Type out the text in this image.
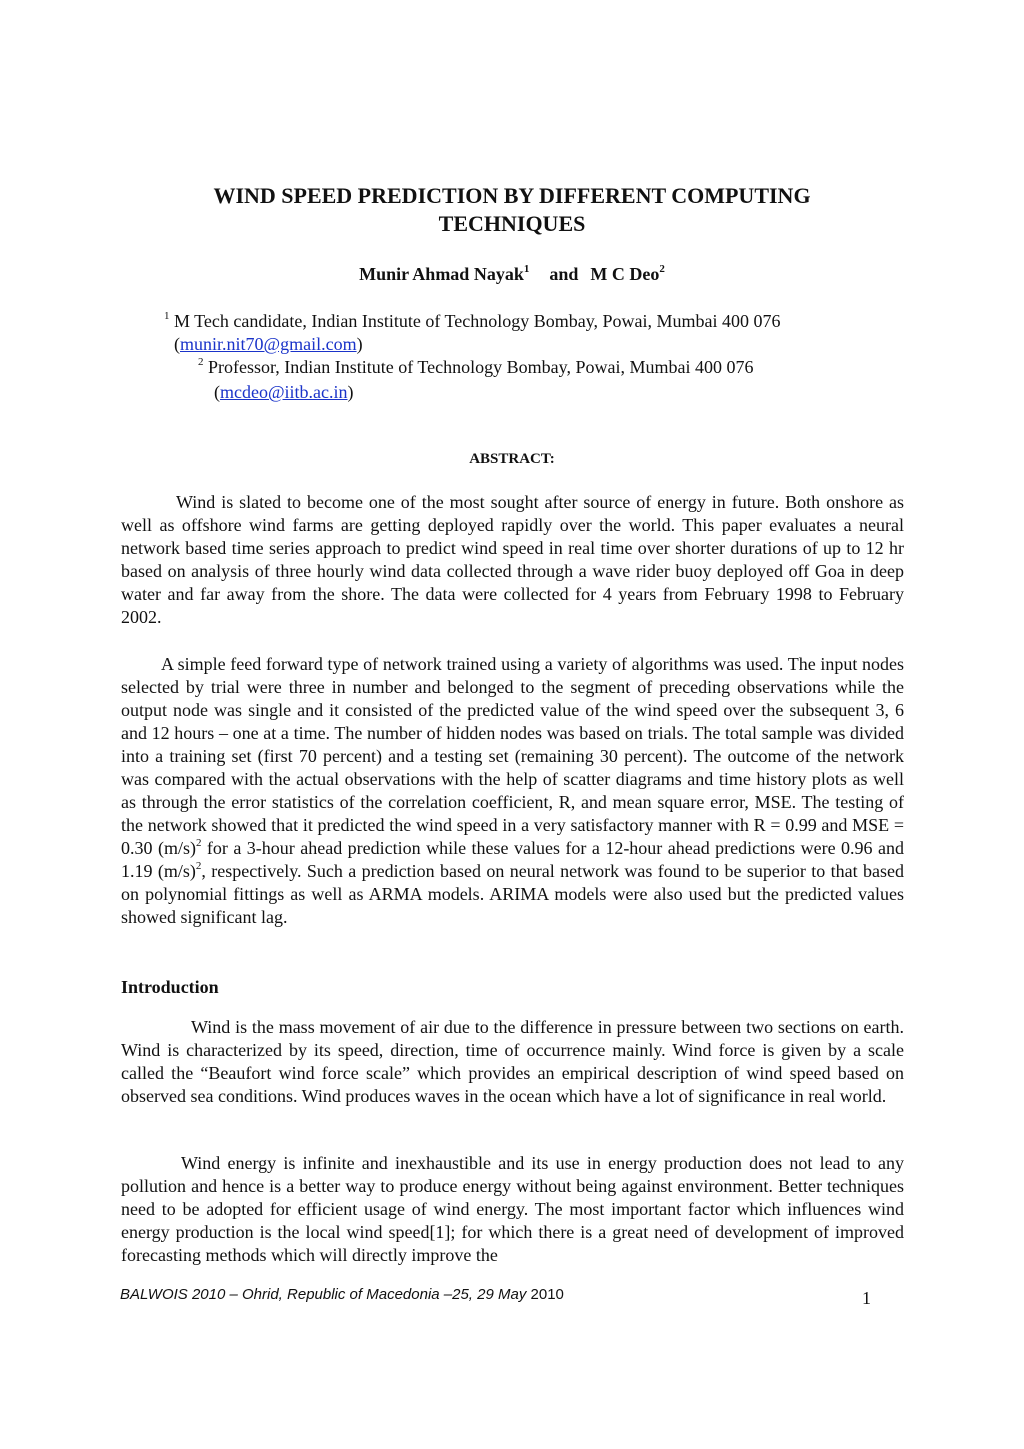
WIND SPEED PREDICTION BY DIFFERENT COMPUTING
TECHNIQUES
Munir Ahmad Nayak$^1$ and M C Deo$^2$
$^1$ M Tech candidate, Indian Institute of Technology Bombay, Powai, Mumbai 400 076
(munir.nit70@gmail.com)
$^2$ Professor, Indian Institute of Technology Bombay, Powai, Mumbai 400 076
(mcdeo@iitb.ac.in)
ABSTRACT:
Wind is slated to become one of the most sought after source of energy in future. Both onshore as well as offshore wind farms are getting deployed rapidly over the world. This paper evaluates a neural network based time series approach to predict wind speed in real time over shorter durations of up to 12 hr based on analysis of three hourly wind data collected through a wave rider buoy deployed off Goa in deep water and far away from the shore. The data were collected for 4 years from February 1998 to February 2002.
A simple feed forward type of network trained using a variety of algorithms was used. The input nodes selected by trial were three in number and belonged to the segment of preceding observations while the output node was single and it consisted of the predicted value of the wind speed over the subsequent 3, 6 and 12 hours – one at a time. The number of hidden nodes was based on trials. The total sample was divided into a training set (first 70 percent) and a testing set (remaining 30 percent). The outcome of the network was compared with the actual observations with the help of scatter diagrams and time history plots as well as through the error statistics of the correlation coefficient, R, and mean square error, MSE. The testing of the network showed that it predicted the wind speed in a very satisfactory manner with R = 0.99 and MSE = 0.30 $(m/s)^2$ for a 3-hour ahead prediction while these values for a 12-hour ahead predictions were 0.96 and 1.19 $(m/s)^2$, respectively. Such a prediction based on neural network was found to be superior to that based on polynomial fittings as well as ARMA models. ARIMA models were also used but the predicted values showed significant lag.
Introduction
Wind is the mass movement of air due to the difference in pressure between two sections on earth. Wind is characterized by its speed, direction, time of occurrence mainly. Wind force is given by a scale called the “Beaufort wind force scale” which provides an empirical description of wind speed based on observed sea conditions. Wind produces waves in the ocean which have a lot of significance in real world.
Wind energy is infinite and inexhaustible and its use in energy production does not lead to any pollution and hence is a better way to produce energy without being against environment. Better techniques need to be adopted for efficient usage of wind energy. The most important factor which influences wind energy production is the local wind speed[1]; for which there is a great need of development of improved forecasting methods which will directly improve the
BALWOIS 2010 – Ohrid, Republic of Macedonia –25, 29 May 2010	1
